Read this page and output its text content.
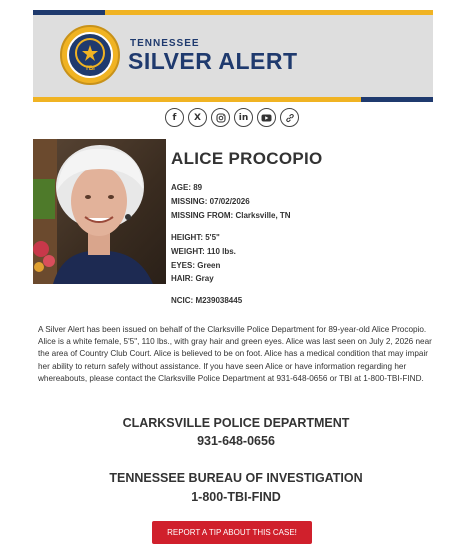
TBI
TENNESSEE
SILVER ALERT
f	X	in
ALICE PROCOPIO
AGE: 89
MISSING: 07/02/2026
MISSING FROM: Clarksville, TN
HEIGHT: 5'5"
WEIGHT: 110 lbs.
EYES: Green
HAIR: Gray
NCIC: M239038445
A Silver Alert has been issued on behalf of the Clarksville Police Department for 89-year-old Alice Procopio. Alice is a white female, 5'5", 110 lbs., with gray hair and green eyes. Alice was last seen on July 2, 2026 near the area of Country Club Court. Alice is believed to be on foot. Alice has a medical condition that may impair her ability to return safely without assistance. If you have seen Alice or have information regarding her whereabouts, please contact the Clarksville Police Department at 931-648-0656 or TBI at 1-800-TBI-FIND.
CLARKSVILLE POLICE DEPARTMENT
931-648-0656
TENNESSEE BUREAU OF INVESTIGATION
1-800-TBI-FIND
REPORT A TIP ABOUT THIS CASE!
